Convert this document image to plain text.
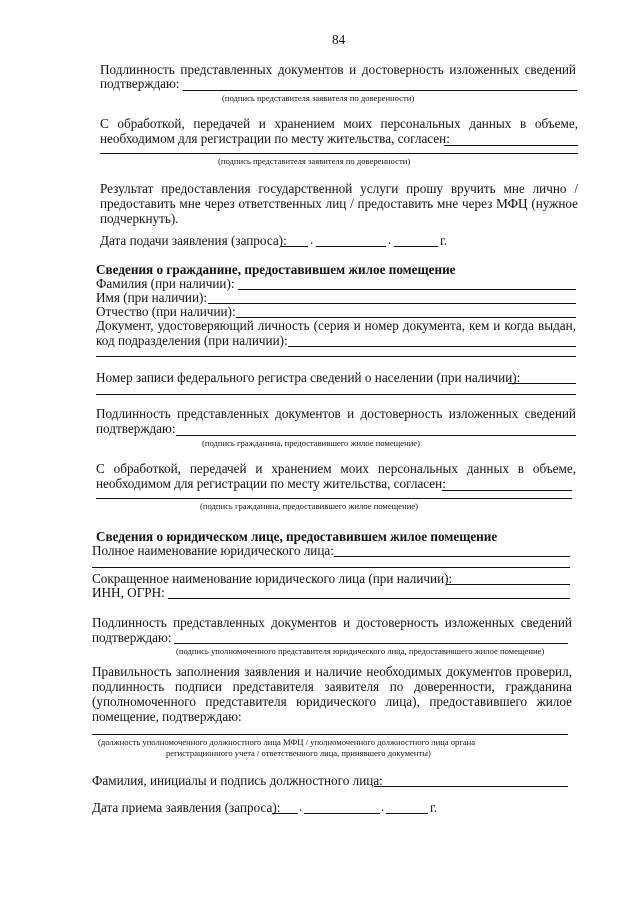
84
Подлинность представленных документов и достоверность изложенных сведений
подтверждаю:
(подпись представителя заявителя по доверенности)
С обработкой, передачей и хранением моих персональных данных в объеме,
необходимом для регистрации по месту жительства, согласен:
(подпись представителя заявителя по доверенности)
Результат предоставления государственной услуги прошу вручить мне лично /
предоставить мне через ответственных лиц / предоставить мне через МФЦ (нужное
подчеркнуть).
Дата подачи заявления (запроса): .	.	г.
Сведения о гражданине, предоставившем жилое помещение
Фамилия (при наличии):
Имя (при наличии):
Отчество (при наличии):
Документ, удостоверяющий личность (серия и номер документа, кем и когда выдан,
код подразделения (при наличии):
Номер записи федерального регистра сведений о населении (при наличии):
Подлинность представленных документов и достоверность изложенных сведений
подтверждаю:
(подпись гражданина, предоставившего жилое помещение)
С обработкой, передачей и хранением моих персональных данных в объеме,
необходимом для регистрации по месту жительства, согласен:
(подпись гражданина, предоставившего жилое помещение)
Сведения о юридическом лице, предоставившем жилое помещение
Полное наименование юридического лица:
Сокращенное наименование юридического лица (при наличии):
ИНН, ОГРН:
Подлинность представленных документов и достоверность изложенных сведений
подтверждаю:
(подпись уполномоченного представителя юридического лица, предоставившего жилое помещение)
Правильность заполнения заявления и наличие необходимых документов проверил,
подлинность подписи представителя заявителя по доверенности, гражданина
(уполномоченного представителя юридического лица), предоставившего жилое
помещение, подтверждаю:
(должность уполномоченного должностного лица МФЦ / уполномоченного должностного лица органа
регистрационного учета / ответственного лица, принявшего документы)
Фамилия, инициалы и подпись должностного лица:
Дата приема заявления (запроса): .	.	г.
